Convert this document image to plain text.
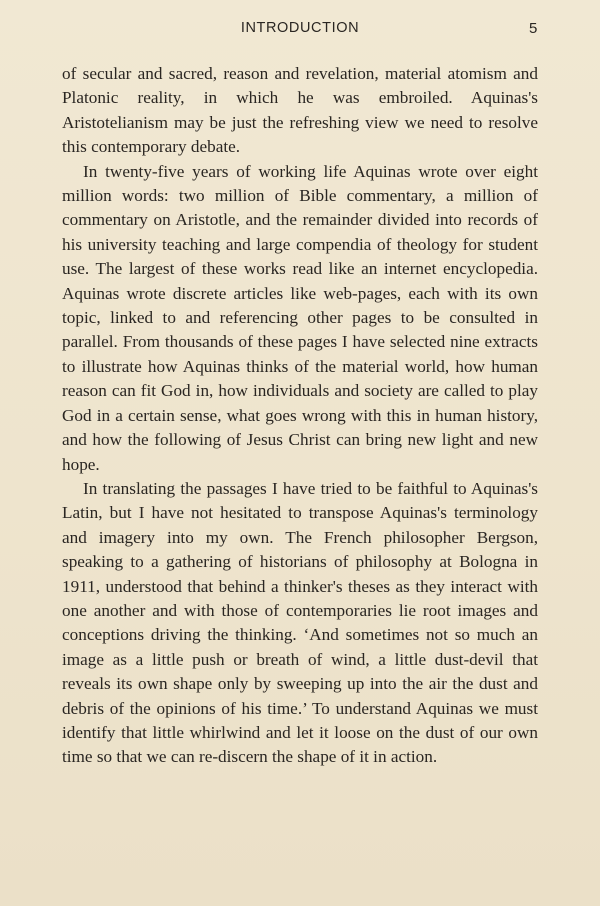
INTRODUCTION	5

of secular and sacred, reason and revelation, material atomism and Platonic reality, in which he was embroiled. Aquinas's Aristotelianism may be just the refreshing view we need to resolve this contemporary debate.

In twenty-five years of working life Aquinas wrote over eight million words: two million of Bible commentary, a million of commentary on Aristotle, and the remainder divided into records of his university teaching and large compendia of theology for student use. The largest of these works read like an internet encyclopedia. Aquinas wrote discrete articles like web-pages, each with its own topic, linked to and referencing other pages to be consulted in parallel. From thousands of these pages I have selected nine extracts to illustrate how Aquinas thinks of the material world, how human reason can fit God in, how individuals and society are called to play God in a certain sense, what goes wrong with this in human history, and how the following of Jesus Christ can bring new light and new hope.

In translating the passages I have tried to be faithful to Aquinas's Latin, but I have not hesitated to transpose Aquinas's terminology and imagery into my own. The French philosopher Bergson, speaking to a gathering of historians of philosophy at Bologna in 1911, understood that behind a thinker's theses as they interact with one another and with those of contemporaries lie root images and conceptions driving the thinking. ‘And sometimes not so much an image as a little push or breath of wind, a little dust-devil that reveals its own shape only by sweeping up into the air the dust and debris of the opinions of his time.’ To understand Aquinas we must identify that little whirlwind and let it loose on the dust of our own time so that we can re-discern the shape of it in action.
